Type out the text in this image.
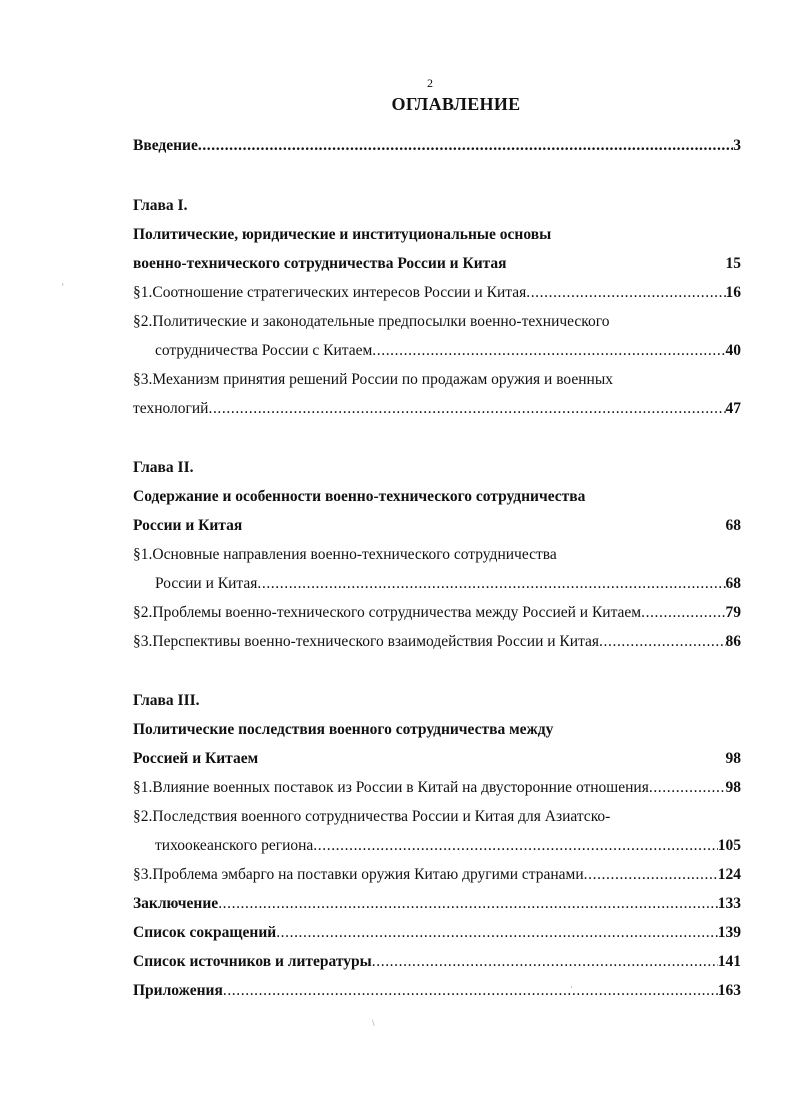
2
ОГЛАВЛЕНИЕ
Введение .....	3
Глава I.
Политические, юридические и институциональные основы
военно-технического сотрудничества России и Китая	15
§1.Соотношение стратегических интересов России и Китая .....	16
§2.Политические и законодательные предпосылки военно-технического
сотрудничества России с Китаем .....	40
§3.Механизм принятия решений России по продажам оружия и военных
технологий .....	47
Глава II.
Содержание и особенности военно-технического сотрудничества
России и Китая	68
§1.Основные направления военно-технического сотрудничества
России и Китая .....	68
§2.Проблемы военно-технического сотрудничества между Россией и Китаем .....	79
§3.Перспективы военно-технического взаимодействия России и Китая .....	86
Глава III.
Политические последствия военного сотрудничества между
Россией и Китаем	98
§1.Влияние военных поставок из России в Китай на двусторонние отношения .....	98
§2.Последствия военного сотрудничества России и Китая для Азиатско-
тихоокеанского региона .....	105
§3.Проблема эмбарго на поставки оружия Китаю другими странами .....	124
Заключение .....	133
Список сокращений .....	139
Список источников и литературы .....	141
Приложения .....	163
'
\
·
